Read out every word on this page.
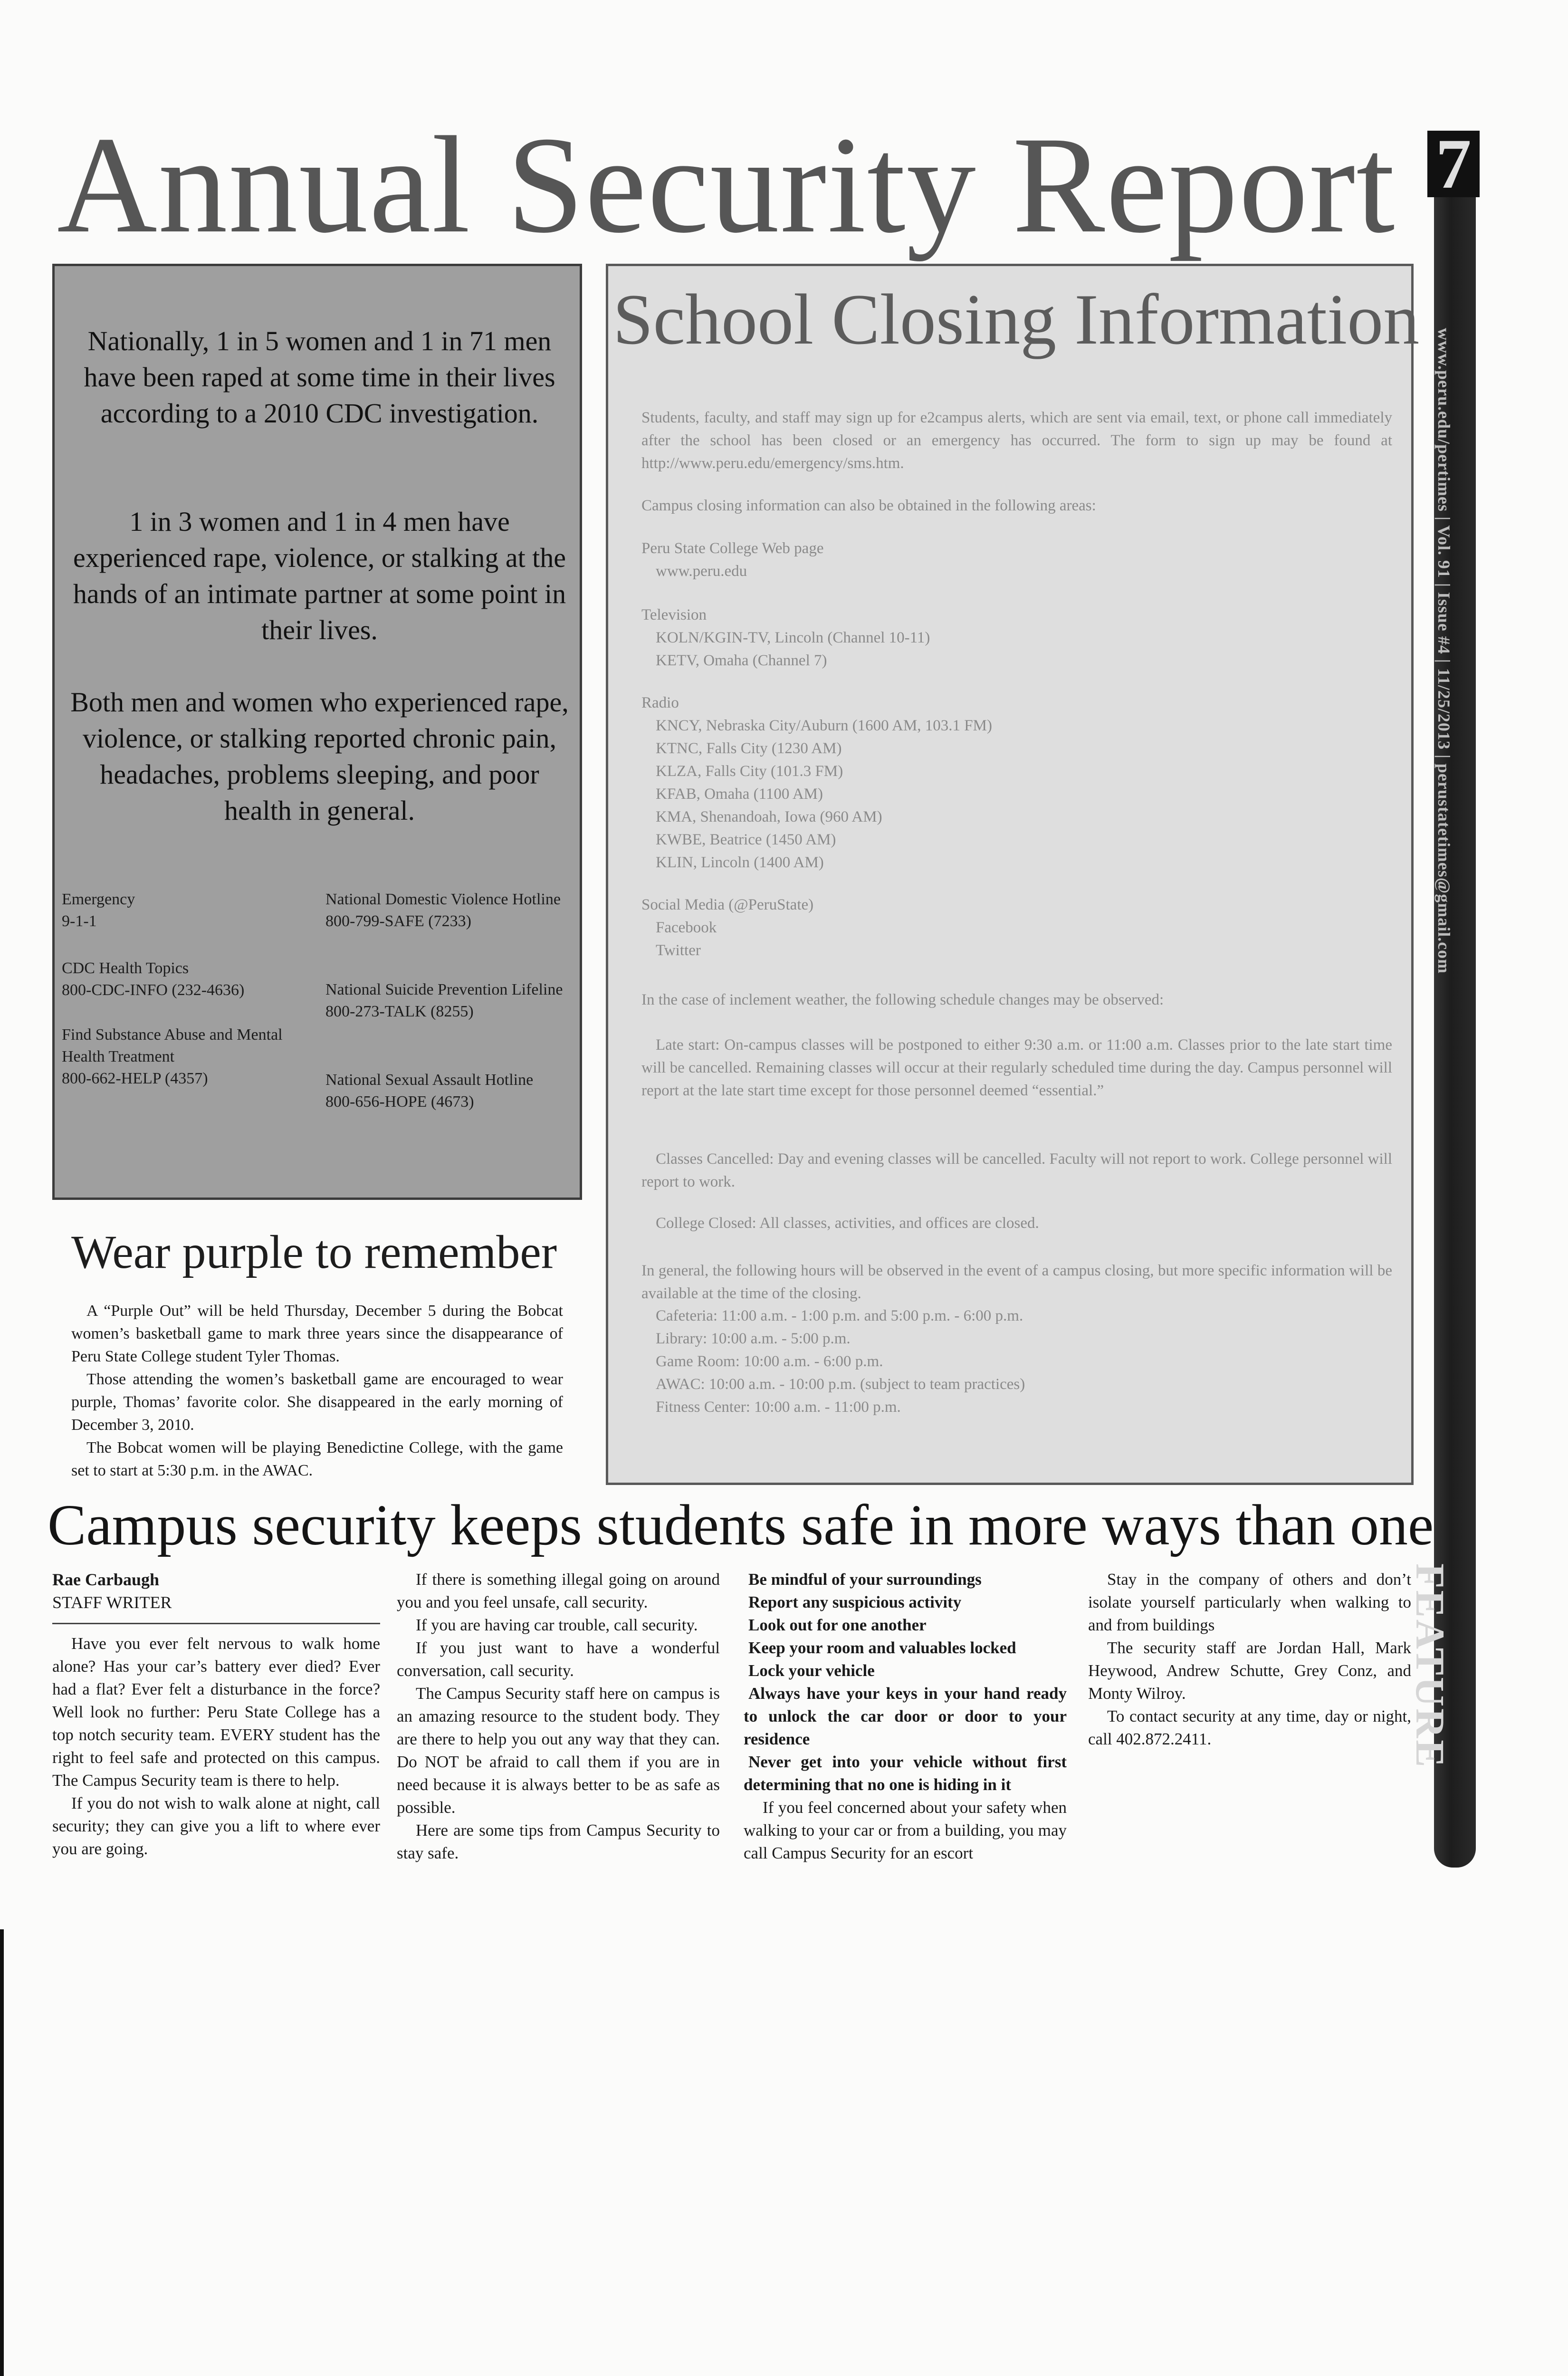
Annual Security Report 7
www.peru.edu/pertimes | Vol. 91 | Issue #4 | 11/25/2013 | perustatetimes@gmail.com
FEATURE
Nationally, 1 in 5 women and 1 in 71 men have been raped at some time in their lives according to a 2010 CDC investigation.
1 in 3 women and 1 in 4 men have experienced rape, violence, or stalking at the hands of an intimate partner at some point in their lives.
Both men and women who experienced rape, violence, or stalking reported chronic pain, headaches, problems sleeping, and poor health in general.
Emergency
9-1-1
CDC Health Topics
800-CDC-INFO (232-4636)
Find Substance Abuse and Mental Health Treatment
800-662-HELP (4357)
National Domestic Violence Hotline
800-799-SAFE (7233)
National Suicide Prevention Lifeline
800-273-TALK (8255)
National Sexual Assault Hotline
800-656-HOPE (4673)
Wear purple to remember

A “Purple Out” will be held Thursday, December 5 during the Bobcat women’s basketball game to mark three years since the disappearance of Peru State College student Tyler Thomas.

Those attending the women’s basketball game are encouraged to wear purple, Thomas’ favorite color. She disappeared in the early morning of December 3, 2010.

The Bobcat women will be playing Benedictine College, with the game set to start at 5:30 p.m. in the AWAC.

School Closing Information
Students, faculty, and staff may sign up for e2campus alerts, which are sent via email, text, or phone call immediately after the school has been closed or an emergency has occurred. The form to sign up may be found at http://www.peru.edu/emergency/sms.htm.
Campus closing information can also be obtained in the following areas:
Peru State College Web page
www.peru.edu
Television
KOLN/KGIN-TV, Lincoln (Channel 10-11)
KETV, Omaha (Channel 7)
Radio
KNCY, Nebraska City/Auburn (1600 AM, 103.1 FM)
KTNC, Falls City (1230 AM)
KLZA, Falls City (101.3 FM)
KFAB, Omaha (1100 AM)
KMA, Shenandoah, Iowa (960 AM)
KWBE, Beatrice (1450 AM)
KLIN, Lincoln (1400 AM)
Social Media (@PeruState)
Facebook
Twitter
In the case of inclement weather, the following schedule changes may be observed:
Late start: On-campus classes will be postponed to either 9:30 a.m. or 11:00 a.m. Classes prior to the late start time will be cancelled. Remaining classes will occur at their regularly scheduled time during the day. Campus personnel will report at the late start time except for those personnel deemed “essential.”
Classes Cancelled: Day and evening classes will be cancelled. Faculty will not report to work. College personnel will report to work.
College Closed: All classes, activities, and offices are closed.
In general, the following hours will be observed in the event of a campus closing, but more specific information will be available at the time of the closing.
Cafeteria: 11:00 a.m. - 1:00 p.m. and 5:00 p.m. - 6:00 p.m.
Library: 10:00 a.m. - 5:00 p.m.
Game Room: 10:00 a.m. - 6:00 p.m.
AWAC: 10:00 a.m. - 10:00 p.m. (subject to team practices)
Fitness Center: 10:00 a.m. - 11:00 p.m.
Campus security keeps students safe in more ways than one
Rae Carbaugh
STAFF WRITER

Have you ever felt nervous to walk home alone? Has your car’s battery ever died? Ever had a flat? Ever felt a disturbance in the force? Well look no further: Peru State College has a top notch security team. EVERY student has the right to feel safe and protected on this campus. The Campus Security team is there to help.

If you do not wish to walk alone at night, call security; they can give you a lift to where ever you are going.

If there is something illegal going on around you and you feel unsafe, call security.

If you are having car trouble, call security.

If you just want to have a wonderful conversation, call security.

The Campus Security staff here on campus is an amazing resource to the student body. They are there to help you out any way that they can. Do NOT be afraid to call them if you are in need because it is always better to be as safe as possible.

Here are some tips from Campus Security to stay safe.

Be mindful of your surroundings

Report any suspicious activity

Look out for one another

Keep your room and valuables locked

Lock your vehicle

Always have your keys in your hand ready to unlock the car door or door to your residence

Never get into your vehicle without first determining that no one is hiding in it

If you feel concerned about your safety when walking to your car or from a building, you may call Campus Security for an escort

Stay in the company of others and don’t isolate yourself particularly when walking to and from buildings

The security staff are Jordan Hall, Mark Heywood, Andrew Schutte, Grey Conz, and Monty Wilroy.

To contact security at any time, day or night, call 402.872.2411.
